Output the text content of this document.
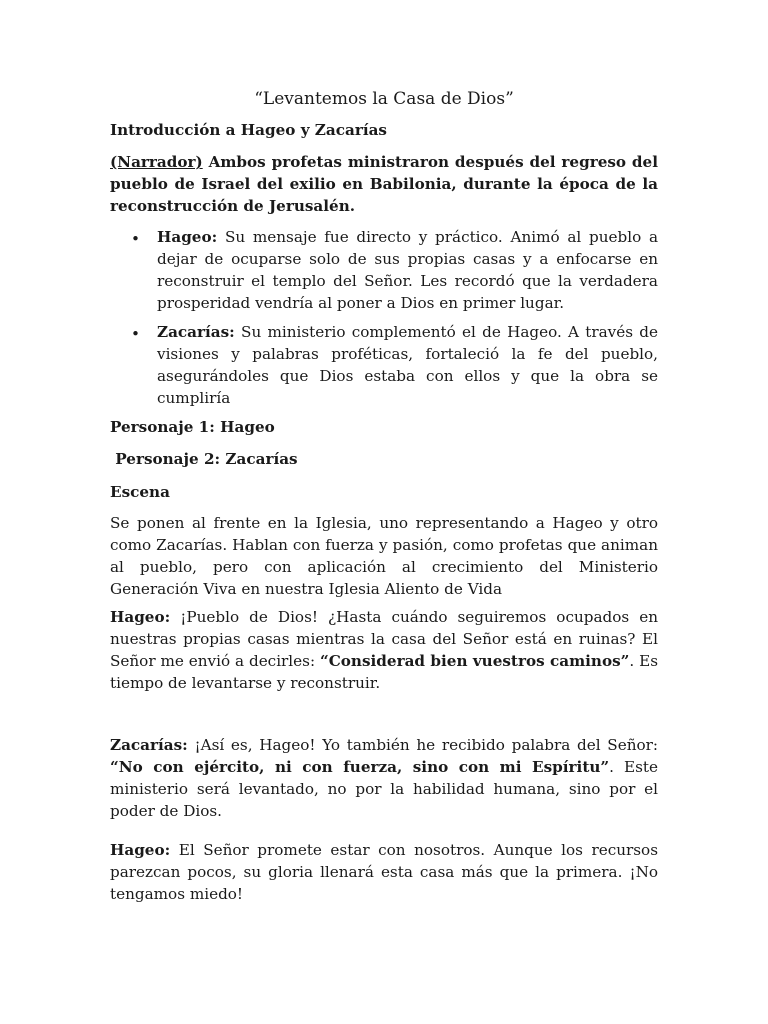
“Levantemos la Casa de Dios”

Introducción a Hageo y Zacarías

(Narrador) Ambos profetas ministraron después del regreso del pueblo de Israel del exilio en Babilonia, durante la época de la reconstrucción de Jerusalén.

• Hageo: Su mensaje fue directo y práctico. Animó al pueblo a dejar de ocuparse solo de sus propias casas y a enfocarse en reconstruir el templo del Señor. Les recordó que la verdadera prosperidad vendría al poner a Dios en primer lugar.

• Zacarías: Su ministerio complementó el de Hageo. A través de visiones y palabras proféticas, fortaleció la fe del pueblo, asegurándoles que Dios estaba con ellos y que la obra se cumpliría

Personaje 1: Hageo

Personaje 2: Zacarías

Escena

Se ponen al frente en la Iglesia, uno representando a Hageo y otro como Zacarías. Hablan con fuerza y pasión, como profetas que animan al pueblo, pero con aplicación al crecimiento del Ministerio Generación Viva en nuestra Iglesia Aliento de Vida

Hageo: ¡Pueblo de Dios! ¿Hasta cuándo seguiremos ocupados en nuestras propias casas mientras la casa del Señor está en ruinas? El Señor me envió a decirles: “Considerad bien vuestros caminos”. Es tiempo de levantarse y reconstruir.

Zacarías: ¡Así es, Hageo! Yo también he recibido palabra del Señor: “No con ejército, ni con fuerza, sino con mi Espíritu”. Este ministerio será levantado, no por la habilidad humana, sino por el poder de Dios.

Hageo: El Señor promete estar con nosotros. Aunque los recursos parezcan pocos, su gloria llenará esta casa más que la primera. ¡No tengamos miedo!
